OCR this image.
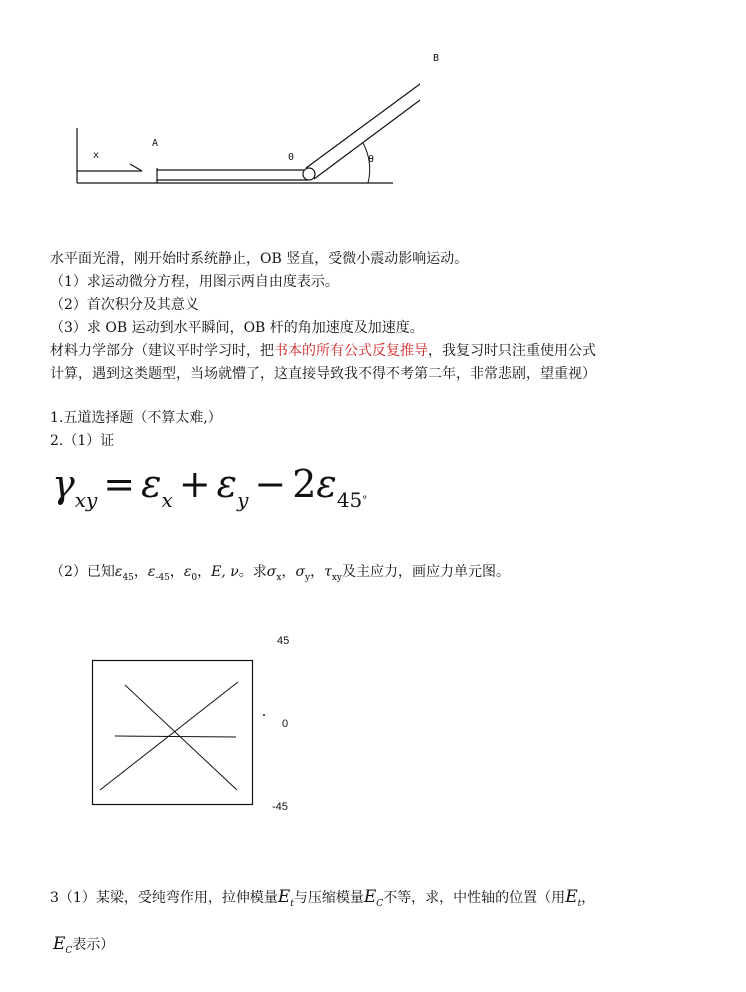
x
A
0
B
θ
水平面光滑，刚开始时系统静止，OB 竖直，受微小震动影响运动。
（1）求运动微分方程，用图示两自由度表示。
（2）首次积分及其意义
（3）求 OB 运动到水平瞬间，OB 杆的角加速度及加速度。
材料力学部分（建议平时学习时，把书本的所有公式反复推导，我复习时只注重使用公式
计算，遇到这类题型，当场就懵了，这直接导致我不得不考第二年，非常悲剧，望重视）
1.五道选择题（不算太难,）
2.（1）证
$\gamma_{xy} = \varepsilon_x + \varepsilon_y - 2\varepsilon_{45}^\circ$
（2）已知$\varepsilon_{45}$，$\varepsilon_{-45}$，$\varepsilon_0$，E, ν。求$\sigma_x$，$\sigma_y$，$\tau_{xy}$及主应力，画应力单元图。
45
0
-45
3（1）某梁，受纯弯作用，拉伸模量$E_t$与压缩模量$E_C$不等，求，中性轴的位置（用$E_t$，
$E_C$表示）
